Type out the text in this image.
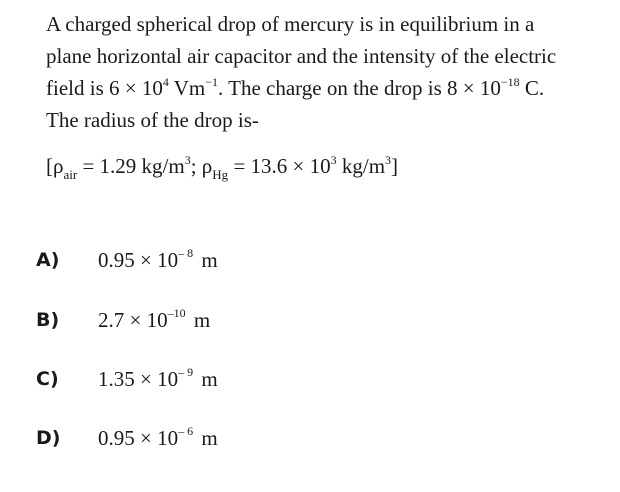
A charged spherical drop of mercury is in equilibrium in a
plane horizontal air capacitor and the intensity of the electric
field is $6 \times 10^4$ $Vm^{-1}$. The charge on the drop is $8 \times 10^{-18}$ C.
The radius of the drop is-
[$\rho_{air} = 1.29$ $kg/m^3$; $\rho_{Hg} = 13.6 \times 10^3$ $kg/m^3$]
A)	$0.95 \times 10^{- 8}$ m
B)	$2.7 \times 10^{-10}$ m
C)	$1.35 \times 10^{- 9}$ m
D)	$0.95 \times 10^{- 6}$ m
